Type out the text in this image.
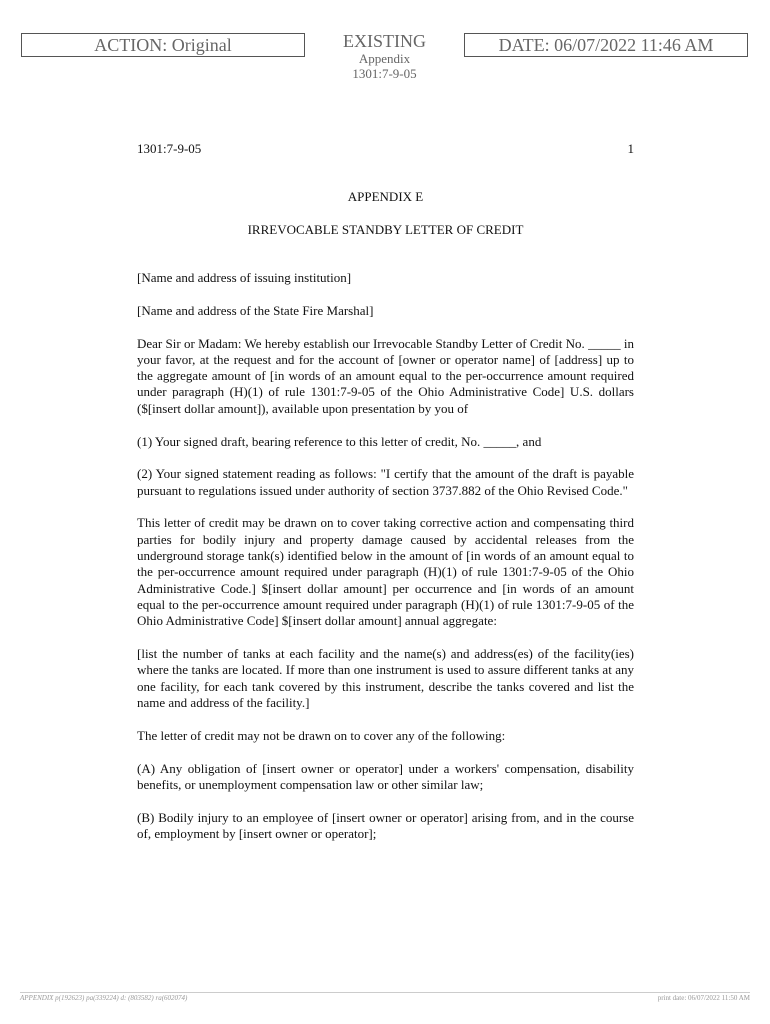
ACTION: Original	EXISTING
Appendix
1301:7-9-05
DATE: 06/07/2022 11:46 AM
1301:7-9-05	1
APPENDIX E
IRREVOCABLE STANDBY LETTER OF CREDIT

[Name and address of issuing institution]

[Name and address of the State Fire Marshal]

Dear Sir or Madam: We hereby establish our Irrevocable Standby Letter of Credit No. _____ in your favor, at the request and for the account of [owner or operator name] of [address] up to the aggregate amount of [in words of an amount equal to the per-occurrence amount required under paragraph (H)(1) of rule 1301:7-9-05 of the Ohio Administrative Code] U.S. dollars ($[insert dollar amount]), available upon presentation by you of

(1) Your signed draft, bearing reference to this letter of credit, No. _____, and

(2) Your signed statement reading as follows: "I certify that the amount of the draft is payable pursuant to regulations issued under authority of section 3737.882 of the Ohio Revised Code."

This letter of credit may be drawn on to cover taking corrective action and compensating third parties for bodily injury and property damage caused by accidental releases from the underground storage tank(s) identified below in the amount of [in words of an amount equal to the per-occurrence amount required under paragraph (H)(1) of rule 1301:7-9-05 of the Ohio Administrative Code.] $[insert dollar amount] per occurrence and [in words of an amount equal to the per-occurrence amount required under paragraph (H)(1) of rule 1301:7-9-05 of the Ohio Administrative Code] $[insert dollar amount] annual aggregate:

[list the number of tanks at each facility and the name(s) and address(es) of the facility(ies) where the tanks are located. If more than one instrument is used to assure different tanks at any one facility, for each tank covered by this instrument, describe the tanks covered and list the name and address of the facility.]

The letter of credit may not be drawn on to cover any of the following:

(A) Any obligation of [insert owner or operator] under a workers' compensation, disability benefits, or unemployment compensation law or other similar law;

(B) Bodily injury to an employee of [insert owner or operator] arising from, and in the course of, employment by [insert owner or operator];

APPENDIX p(192623) pa(339224) d: (803582) ra(602074)	print date: 06/07/2022 11:50 AM
